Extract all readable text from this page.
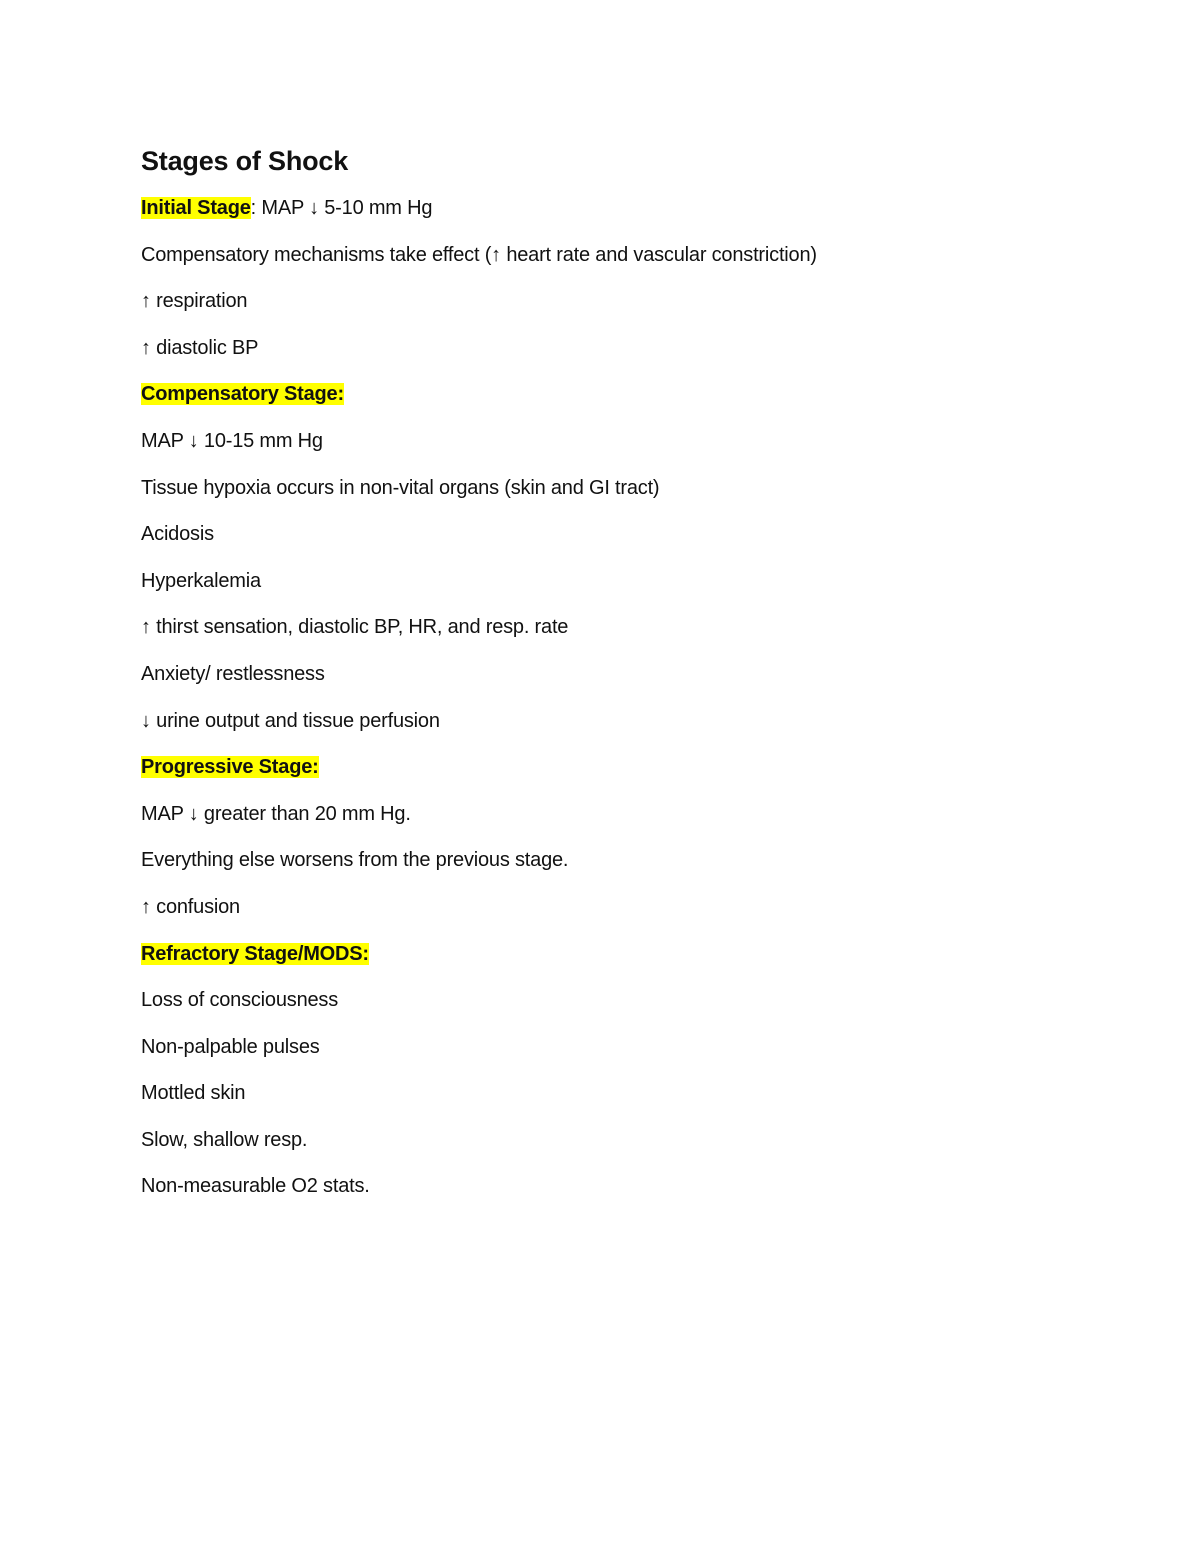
Stages of Shock
Initial Stage: MAP ↓ 5-10 mm Hg
Compensatory mechanisms take effect (↑ heart rate and vascular constriction)
↑ respiration
↑ diastolic BP
Compensatory Stage:
MAP ↓ 10-15 mm Hg
Tissue hypoxia occurs in non-vital organs (skin and GI tract)
Acidosis
Hyperkalemia
↑ thirst sensation, diastolic BP, HR, and resp. rate
Anxiety/ restlessness
↓ urine output and tissue perfusion
Progressive Stage:
MAP ↓ greater than 20 mm Hg.
Everything else worsens from the previous stage.
↑ confusion
Refractory Stage/MODS:
Loss of consciousness
Non-palpable pulses
Mottled skin
Slow, shallow resp.
Non-measurable O2 stats.
